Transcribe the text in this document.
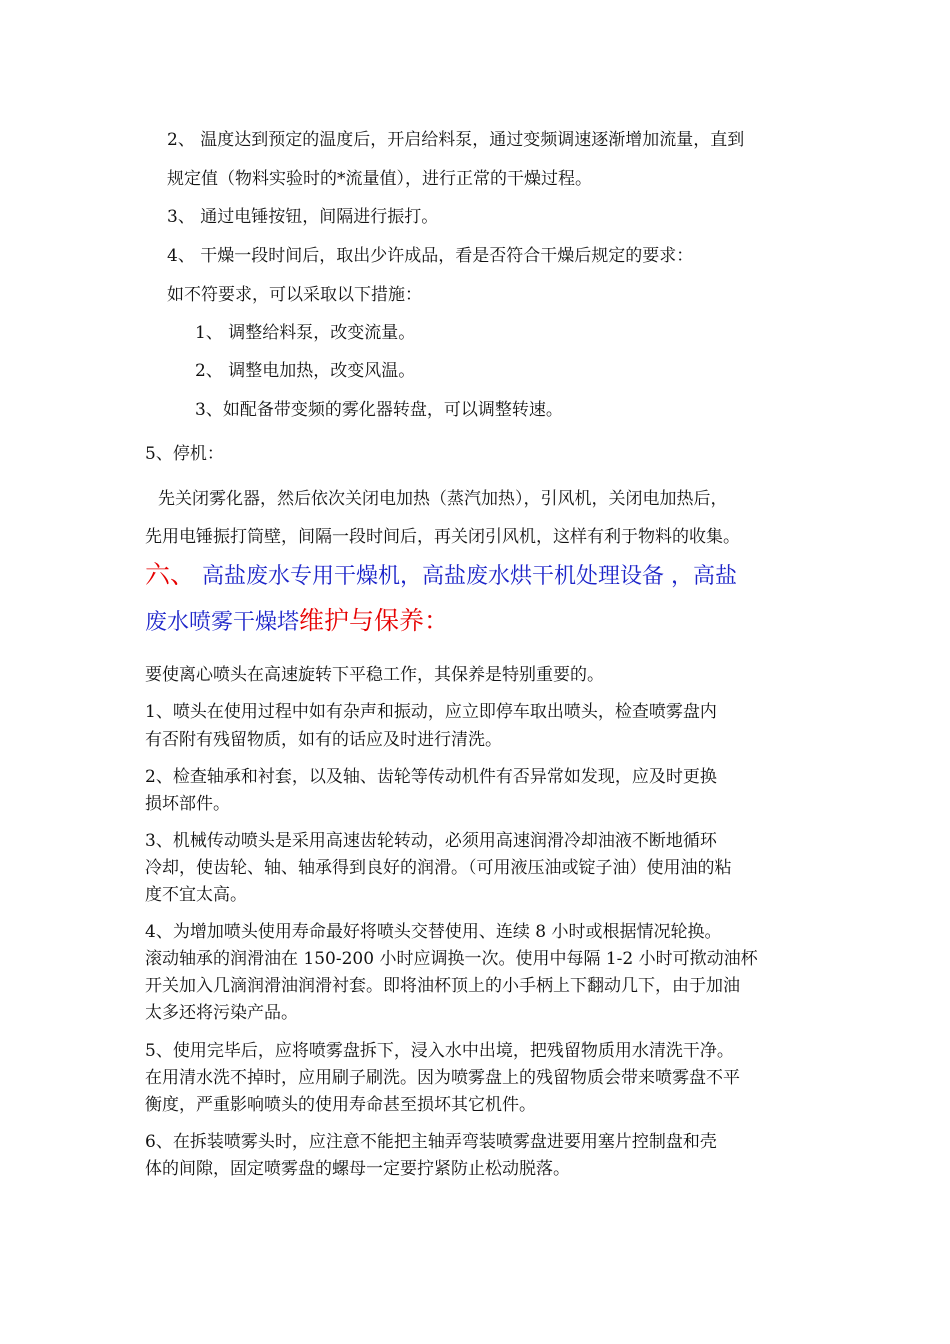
2、 温度达到预定的温度后，开启给料泵，通过变频调速逐渐增加流量，直到
规定值（物料实验时的*流量值），进行正常的干燥过程。
3、 通过电锤按钮，间隔进行振打。
4、 干燥一段时间后，取出少许成品，看是否符合干燥后规定的要求：
如不符要求，可以采取以下措施：
1、 调整给料泵，改变流量。
2、 调整电加热，改变风温。
3、如配备带变频的雾化器转盘，可以调整转速。
5、停机：
先关闭雾化器，然后依次关闭电加热（蒸汽加热），引风机，关闭电加热后，
先用电锤振打筒壁，间隔一段时间后，再关闭引风机，这样有利于物料的收集。
六、 高盐废水专用干燥机，高盐废水烘干机处理设备 ，高盐
废水喷雾干燥塔维护与保养：
要使离心喷头在高速旋转下平稳工作，其保养是特别重要的。
1、喷头在使用过程中如有杂声和振动，应立即停车取出喷头，检查喷雾盘内
有否附有残留物质，如有的话应及时进行清洗。
2、检查轴承和衬套，以及轴、齿轮等传动机件有否异常如发现，应及时更换
损坏部件。
3、机械传动喷头是采用高速齿轮转动，必须用高速润滑冷却油液不断地循环
冷却，使齿轮、轴、轴承得到良好的润滑。（可用液压油或锭子油）使用油的粘
度不宜太高。
4、为增加喷头使用寿命最好将喷头交替使用、连续 8 小时或根据情况轮换。
滚动轴承的润滑油在 150-200 小时应调换一次。使用中每隔 1-2 小时可揿动油杯
开关加入几滴润滑油润滑衬套。即将油杯顶上的小手柄上下翻动几下，由于加油
太多还将污染产品。
5、使用完毕后，应将喷雾盘拆下，浸入水中出境，把残留物质用水清洗干净。
在用清水洗不掉时，应用刷子刷洗。因为喷雾盘上的残留物质会带来喷雾盘不平
衡度，严重影响喷头的使用寿命甚至损坏其它机件。
6、在拆装喷雾头时，应注意不能把主轴弄弯装喷雾盘进要用塞片控制盘和壳
体的间隙，固定喷雾盘的螺母一定要拧紧防止松动脱落。
